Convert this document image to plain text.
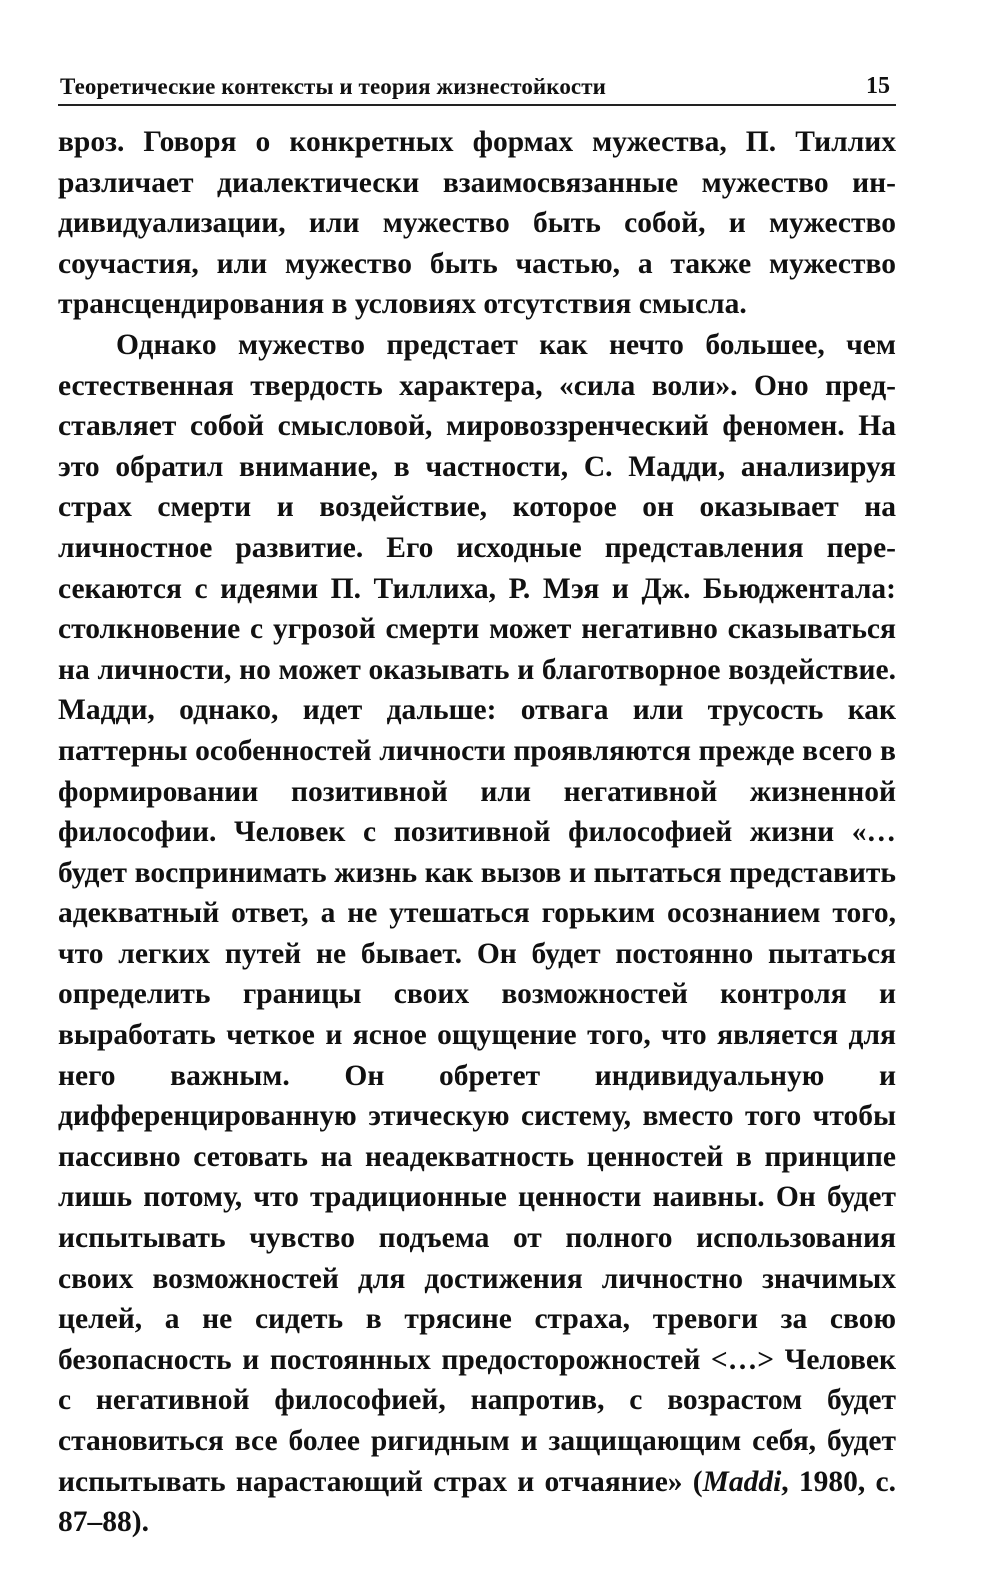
Теоретические контексты и теория жизнестойкости	15

вроз. Говоря о конкретных формах мужества, П. Тиллих различает диалектически взаимосвязанные мужество индивидуализации, или мужество быть собой, и мужество соучастия, или мужество быть частью, а также мужество трансцендирования в условиях отсутствия смысла.

Однако мужество предстает как нечто большее, чем естественная твердость характера, «сила воли». Оно представляет собой смысловой, мировоззренческий феномен. На это обратил внимание, в частности, С. Мадди, анализируя страх смерти и воздействие, которое он оказывает на личностное развитие. Его исходные представления пересекаются с идеями П. Тиллиха, Р. Мэя и Дж. Бьюджентала: столкновение с угрозой смерти может негативно сказываться на личности, но может оказывать и благотворное воздействие. Мадди, однако, идет дальше: отвага или трусость как паттерны особенностей личности проявляются прежде всего в формировании позитивной или негативной жизненной философии. Человек с позитивной философией жизни «…будет воспринимать жизнь как вызов и пытаться представить адекватный ответ, а не утешаться горьким осознанием того, что легких путей не бывает. Он будет постоянно пытаться определить границы своих возможностей контроля и выработать четкое и ясное ощущение того, что является для него важным. Он обретет индивидуальную и дифференцированную этическую систему, вместо того чтобы пассивно сетовать на неадекватность ценностей в принципе лишь потому, что традиционные ценности наивны. Он будет испытывать чувство подъема от полного использования своих возможностей для достижения личностно значимых целей, а не сидеть в трясине страха, тревоги за свою безопасность и постоянных предосторожностей <…> Человек с негативной философией, напротив, с возрастом будет становиться все более ригидным и защищающим себя, будет испытывать нарастающий страх и отчаяние» (Maddi, 1980, с. 87–88).
